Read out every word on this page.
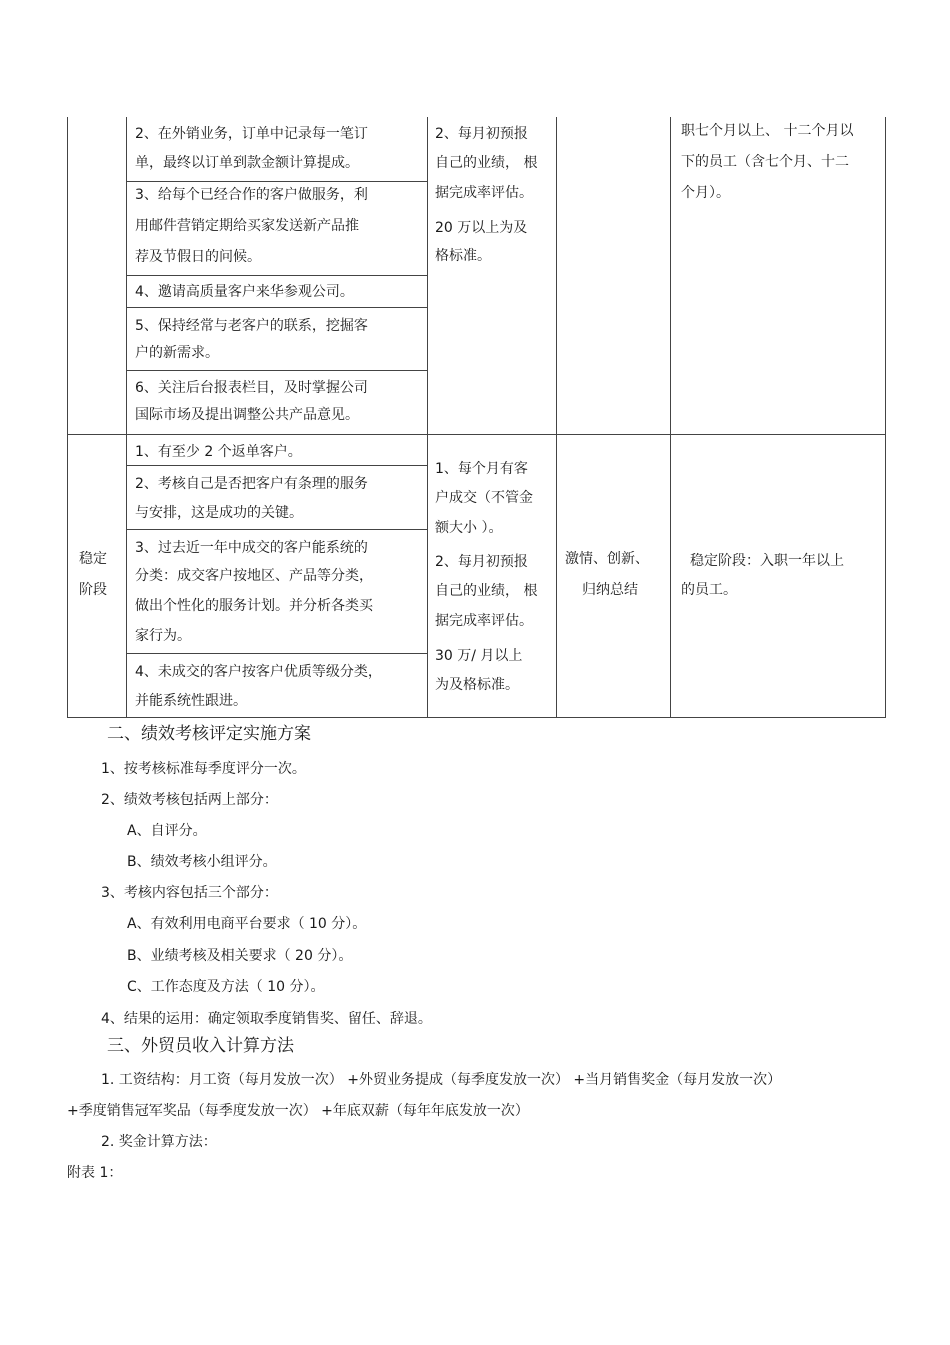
2、在外销业务，订单中记录每一笔订
单，最终以订单到款金额计算提成。
3、给每个已经合作的客户做服务，利
用邮件营销定期给买家发送新产品推
荐及节假日的问候。
4、邀请高质量客户来华参观公司。
5、保持经常与老客户的联系，挖掘客
户的新需求。
6、关注后台报表栏目，及时掌握公司
国际市场及提出调整公共产品意见。
2、每月初预报
自己的业绩， 根
据完成率评估。
20 万以上为及
格标准。
职七个月以上、 十二个月以
下的员工（含七个月、十二
个月）。
稳定
阶段
1、有至少 2 个返单客户。
2、考核自己是否把客户有条理的服务
与安排，这是成功的关键。
3、过去近一年中成交的客户能系统的
分类：成交客户按地区、产品等分类，
做出个性化的服务计划。并分析各类买
家行为。
4、未成交的客户按客户优质等级分类，
并能系统性跟进。
1、每个月有客
户成交（不管金
额大小 ）。
2、每月初预报
自己的业绩， 根
据完成率评估。
30 万/ 月以上
为及格标准。
激情、创新、
归纳总结
稳定阶段：入职一年以上
的员工。
二、绩效考核评定实施方案
1、按考核标准每季度评分一次。
2、绩效考核包括两上部分：
A、自评分。
B、绩效考核小组评分。
3、考核内容包括三个部分：
A、有效利用电商平台要求（ 10 分）。
B、业绩考核及相关要求（ 20 分）。
C、工作态度及方法（ 10 分）。
4、结果的运用：确定领取季度销售奖、留任、辞退。
三、外贸员收入计算方法
1. 工资结构：月工资（每月发放一次） +外贸业务提成（每季度发放一次） +当月销售奖金（每月发放一次）
+季度销售冠军奖品（每季度发放一次） +年底双薪（每年年底发放一次）
2. 奖金计算方法：
附表 1：
